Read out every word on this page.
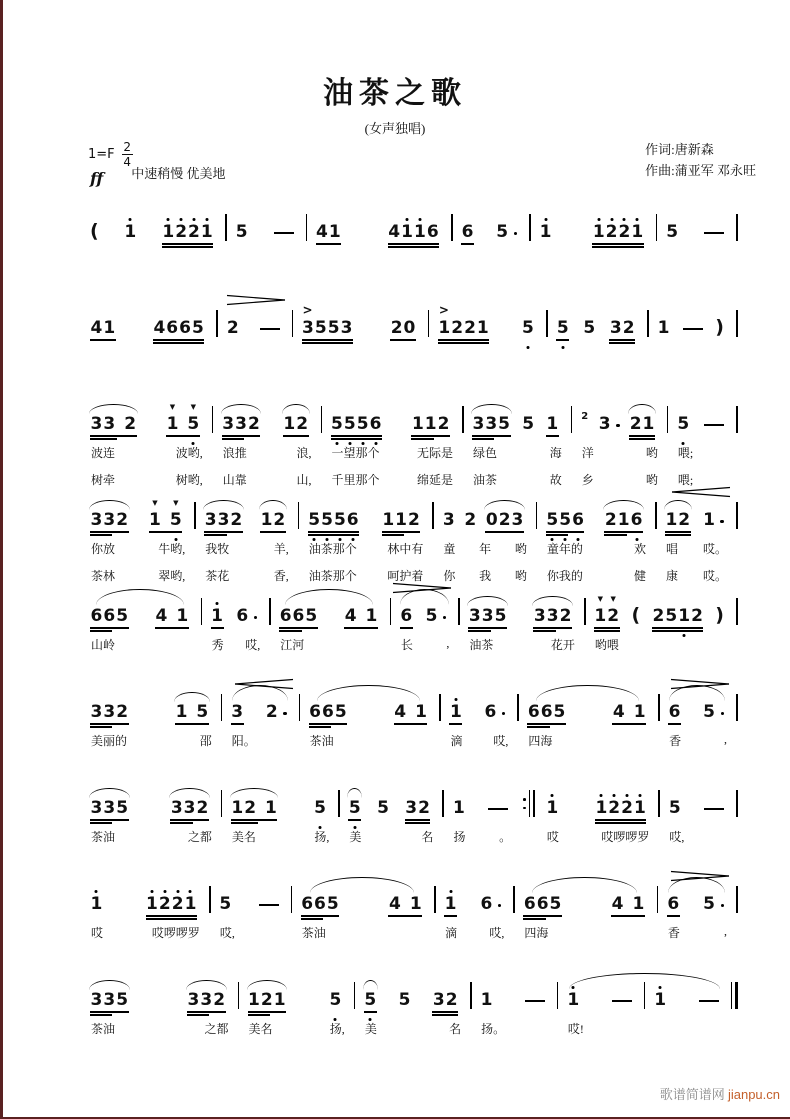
油茶之歌
(女声独唱)
$1=F \frac{2}{4}$	作词:唐新森
作曲:蒲亚军 邓永旺
ff 中速稍慢 优美地
( 1 1 2 2 1 5	4 1	4 1 1 6 6 5 1 1 2 2 1 5
4 1 4 6 6 5 2
>
3 5 5 3 2 0
>
1 2 2 1 5 5 5 3 2 1 )
3 3 2 1
▼
5
▼
波连	波哟,
树牵	树哟,
3 3 2 1 2
浪推	浪,
山靠	山,
5 5 5 6 1 1 2
一望那个	无际是
千里那个	绵延是
3 3 5 5 1
绿色	海
油茶	故
2 3 2 1
洋	哟
乡	哟
5
喂;
喂;
3 3 2 1
▼
5
▼
你放	牛哟,
茶林	翠哟,
3 3 2 1 2
我牧	羊,
茶花	香,
5 5 5 6 1 1 2
油茶那个	林中有
油茶那个	呵护着
3 2 0 2 3
童 年 哟
你 我 哟
5 5 6 2 1 6
童年的	欢
你我的	健
1 2 1
唱 哎。
康 哎。
6 6 5 4 1
山岭
1 6
秀 哎,
6 6 5 4 1
江河
6 5
长	,
3 3 5 3 3 2
油茶	花开
1
▼
2
▼
( 2 5 1 2 )
哟喂
3 3 2	1 5
美丽的	邵
3 2
阳。
6 6 5	4 1
茶油
1 6
滴	哎,
6 6 5	4 1
四海
6 5
香	,
3 3 5	3 3 2
茶油	之都
1 2 1 5
美名	扬,
5 5 3 2
美	名
1
扬	。
1 1 2 2 1
哎	哎啰啰罗
5
哎,
1	1 2 2 1
哎	哎啰啰罗
5
哎,
6 6 5	4 1
茶油
1 6
滴	哎,
6 6 5	4 1
四海
6 5
香	,
3 3 5	3 3 2
茶油	之都
1 2 1	5
美名	扬,
5 5 3 2
美	名
1
扬。
1
哎!
1
歌谱简谱网 jianpu.cn
